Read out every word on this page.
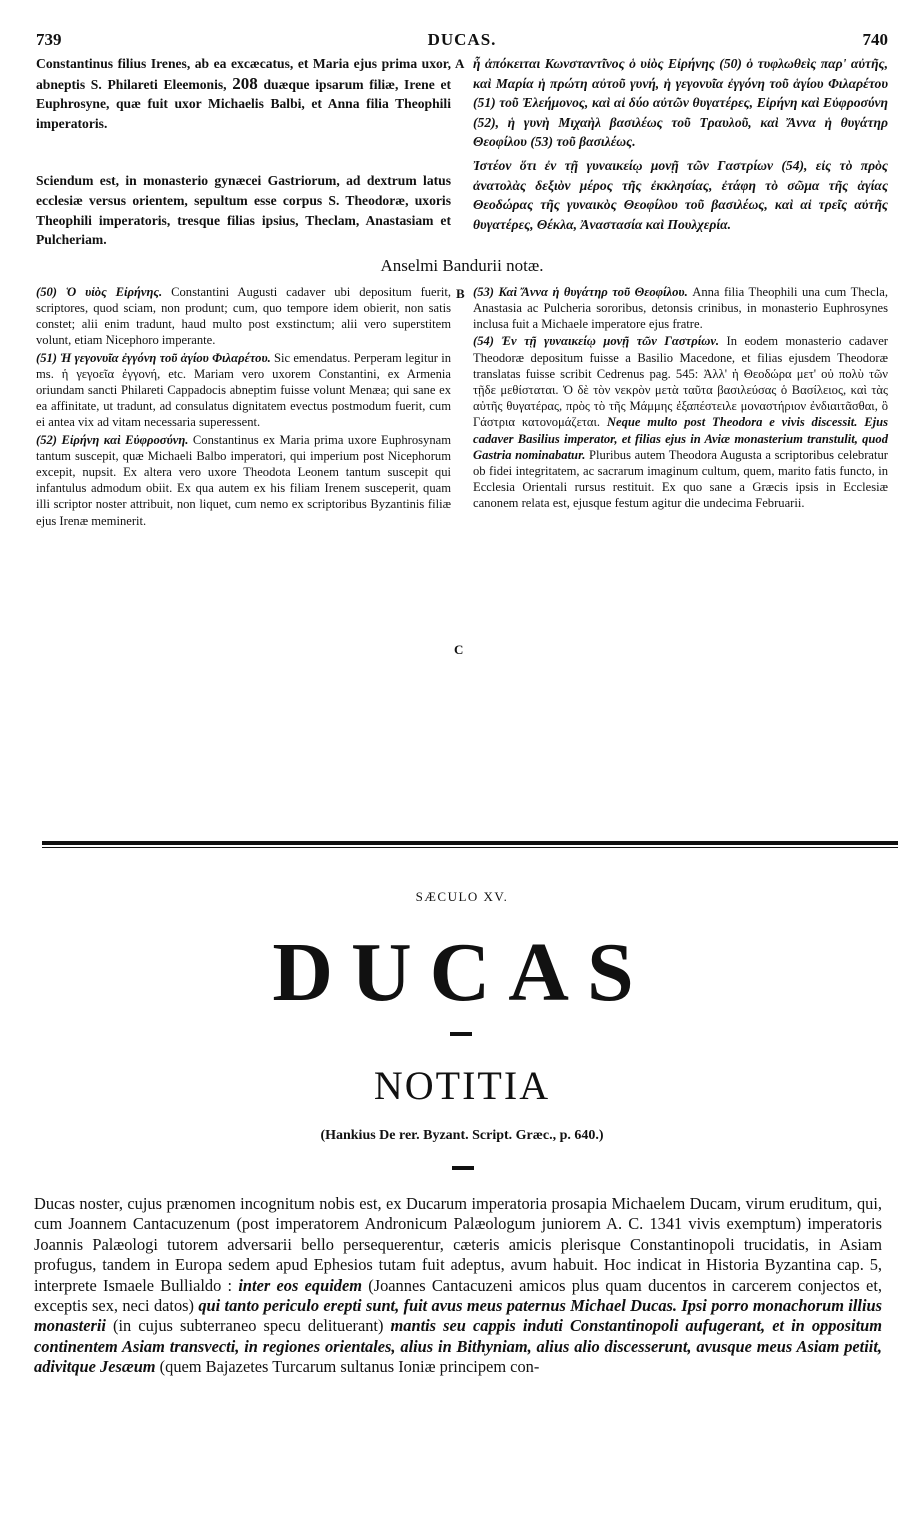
739	DUCAS.	740

Constantinus filius Irenes, ab ea excæcatus, et Maria ejus prima uxor, abneptis S. Philareti Eleemonis, 208 duæque ipsarum filiæ, Irene et Euphrosyne, quæ fuit uxor Michaelis Balbi, et Anna filia Theophili imperatoris.

Sciendum est, in monasterio gynæcei Gastriorum, ad dextrum latus ecclesiæ versus orientem, sepultum esse corpus S. Theodoræ, uxoris Theophili imperatoris, tresque filias ipsius, Theclam, Anastasiam et Pulcheriam.

ἧ ἀπόκειται Κωνσταντῖνος ὁ υἱὸς Εἰρήνης (50) ὁ τυφλωθεὶς παρ' αὐτῆς, καὶ Μαρία ἡ πρώτη αὐτοῦ γυνή, ἡ γεγονυῖα ἐγγόνη τοῦ ἁγίου Φιλαρέτου (51) τοῦ Ἐλεήμονος, καὶ αἱ δύο αὐτῶν θυγατέρες, Εἰρήνη καὶ Εὐφροσύνη (52), ἡ γυνὴ Μιχαὴλ βασιλέως τοῦ Τραυλοῦ, καὶ Ἄννα ἡ θυγάτηρ Θεοφίλου (53) τοῦ βασιλέως.

Ἰστέον ὅτι ἐν τῇ γυναικείῳ μονῇ τῶν Γαστρίων (54), εἰς τὸ πρὸς ἀνατολὰς δεξιὸν μέρος τῆς ἐκκλησίας, ἐτάφη τὸ σῶμα τῆς ἁγίας Θεοδώρας τῆς γυναικὸς Θεοφίλου τοῦ βασιλέως, καὶ αἱ τρεῖς αὐτῆς θυγατέρες, Θέκλα, Ἀναστασία καὶ Πουλχερία.

A
Anselmi Bandurii notæ.

(50) Ὁ υἱὸς Εἰρήνης. Constantini Augusti cadaver ubi depositum fuerit, scriptores, quod sciam, non produnt; cum, quo tempore idem obierit, non satis constet; alii enim tradunt, haud multo post exstinctum; alii vero superstitem volunt, etiam Nicephoro imperante.

(51) Ἡ γεγονυῖα ἐγγόνη τοῦ ἁγίου Φιλαρέτου. Sic emendatus. Perperam legitur in ms. ἡ γεγοεῖα ἐγγονή, etc. Mariam vero uxorem Constantini, ex Armenia oriundam sancti Philareti Cappadocis abneptim fuisse volunt Menæa; qui sane ex ea affinitate, ut tradunt, ad consulatus dignitatem evectus postmodum fuerit, cum ei antea vix ad vitam necessaria superessent.

(52) Εἰρήνη καὶ Εὐφροσύνη. Constantinus ex Maria prima uxore Euphrosynam tantum suscepit, quæ Michaeli Balbo imperatori, qui imperium post Nicephorum excepit, nupsit. Ex altera vero uxore Theodota Leonem tantum suscepit qui infantulus admodum obiit. Ex qua autem ex his filiam Irenem susceperit, quam illi scriptor noster attribuit, non liquet, cum nemo ex scriptoribus Byzantinis filiæ ejus Irenæ meminerit.

(53) Καὶ Ἄννα ἡ θυγάτηρ τοῦ Θεοφίλου. Anna filia Theophili una cum Thecla, Anastasia ac Pulcheria sororibus, detonsis crinibus, in monasterio Euphrosynes inclusa fuit a Michaele imperatore ejus fratre.

(54) Ἐν τῇ γυναικείῳ μονῇ τῶν Γαστρίων. In eodem monasterio cadaver Theodoræ depositum fuisse a Basilio Macedone, et filias ejusdem Theodoræ translatas fuisse scribit Cedrenus pag. 545: Ἀλλ' ἡ Θεοδώρα μετ' οὐ πολὺ τῶν τῇδε μεθίσταται. Ὁ δὲ τὸν νεκρὸν μετὰ ταῦτα βασιλεύσας ὁ Βασίλειος, καὶ τὰς αὐτῆς θυγατέρας, πρὸς τὸ τῆς Μάμμης ἐξαπέστειλε μοναστήριον ἐνδιαιτᾶσθαι, ὃ Γάστρια κατονομάζεται. Neque multo post Theodora e vivis discessit. Ejus cadaver Basilius imperator, et filias ejus in Aviæ monasterium transtulit, quod Gastria nominabatur. Pluribus autem Theodora Augusta a scriptoribus celebratur ob fidei integritatem, ac sacrarum imaginum cultum, quem, marito fatis functo, in Ecclesia Orientali rursus restituit. Ex quo sane a Græcis ipsis in Ecclesiæ canonem relata est, ejusque festum agitur die undecima Februarii.

B
C
SÆCULO XV.
DUCAS
NOTITIA
(Hankius De rer. Byzant. Script. Græc., p. 640.)
Ducas noster, cujus prænomen incognitum nobis est, ex Ducarum imperatoria prosapia Michaelem Ducam, virum eruditum, qui, cum Joannem Cantacuzenum (post imperatorem Andronicum Palæologum juniorem A. C. 1341 vivis exemptum) imperatoris Joannis Palæologi tutorem adversarii bello persequerentur, cæteris amicis plerisque Constantinopoli trucidatis, in Asiam profugus, tandem in Europa sedem apud Ephesios tutam fuit adeptus, avum habuit. Hoc indicat in Historia Byzantina cap. 5, interprete Ismaele Bullialdo : inter eos equidem (Joannes Cantacuzeni amicos plus quam ducentos in carcerem conjectos et, exceptis sex, neci datos) qui tanto periculo erepti sunt, fuit avus meus paternus Michael Ducas. Ipsi porro monachorum illius monasterii (in cujus subterraneo specu delituerant) mantis seu cappis induti Constantinopoli aufugerant, et in oppositum continentem Asiam transvecti, in regiones orientales, alius in Bithyniam, alius alio discesserunt, avusque meus Asiam petiit, adivitque Jesæum (quem Bajazetes Turcarum sultanus Ioniæ principem con-
